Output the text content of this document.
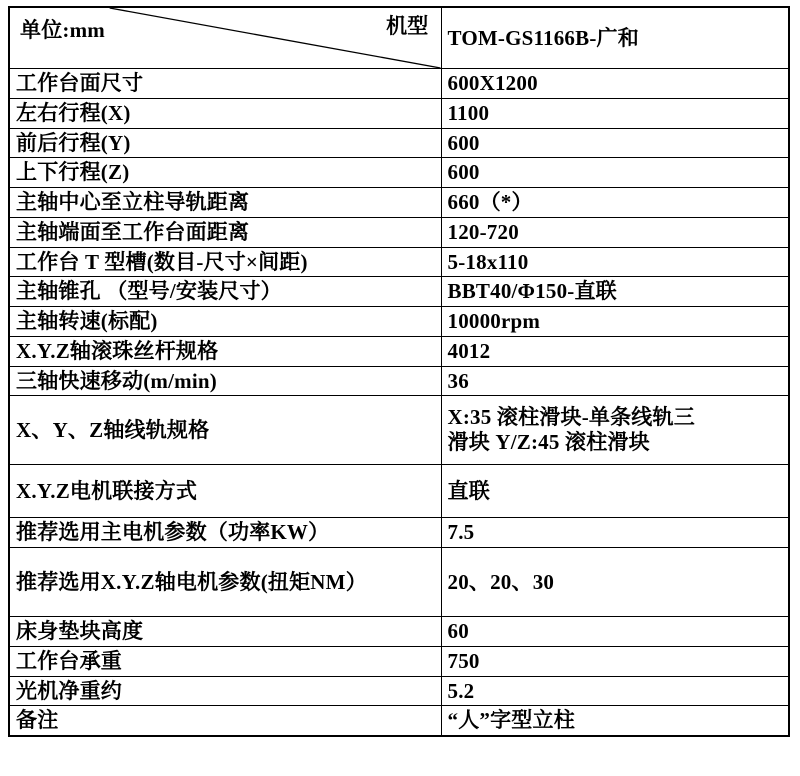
单位:mm 机型	TOM-GS1166B-广和
工作台面尺寸	600X1200
左右行程(X)	1100
前后行程(Y)	600
上下行程(Z)	600
主轴中心至立柱导轨距离	660（*）
主轴端面至工作台面距离	120-720
工作台 T 型槽(数目-尺寸×间距)	5-18x110
主轴锥孔 （型号/安装尺寸）	BBT40/Φ150-直联
主轴转速(标配)	10000rpm
X.Y.Z轴滚珠丝杆规格	4012
三轴快速移动(m/min)	36
X、Y、Z轴线轨规格	X:35 滚柱滑块-单条线轨三
滑块 Y/Z:45 滚柱滑块

X.Y.Z电机联接方式	直联
推荐选用主电机参数（功率KW）	7.5
推荐选用X.Y.Z轴电机参数(扭矩NM）	20、20、30
床身垫块高度	60
工作台承重	750
光机净重约	5.2
备注	“人”字型立柱
